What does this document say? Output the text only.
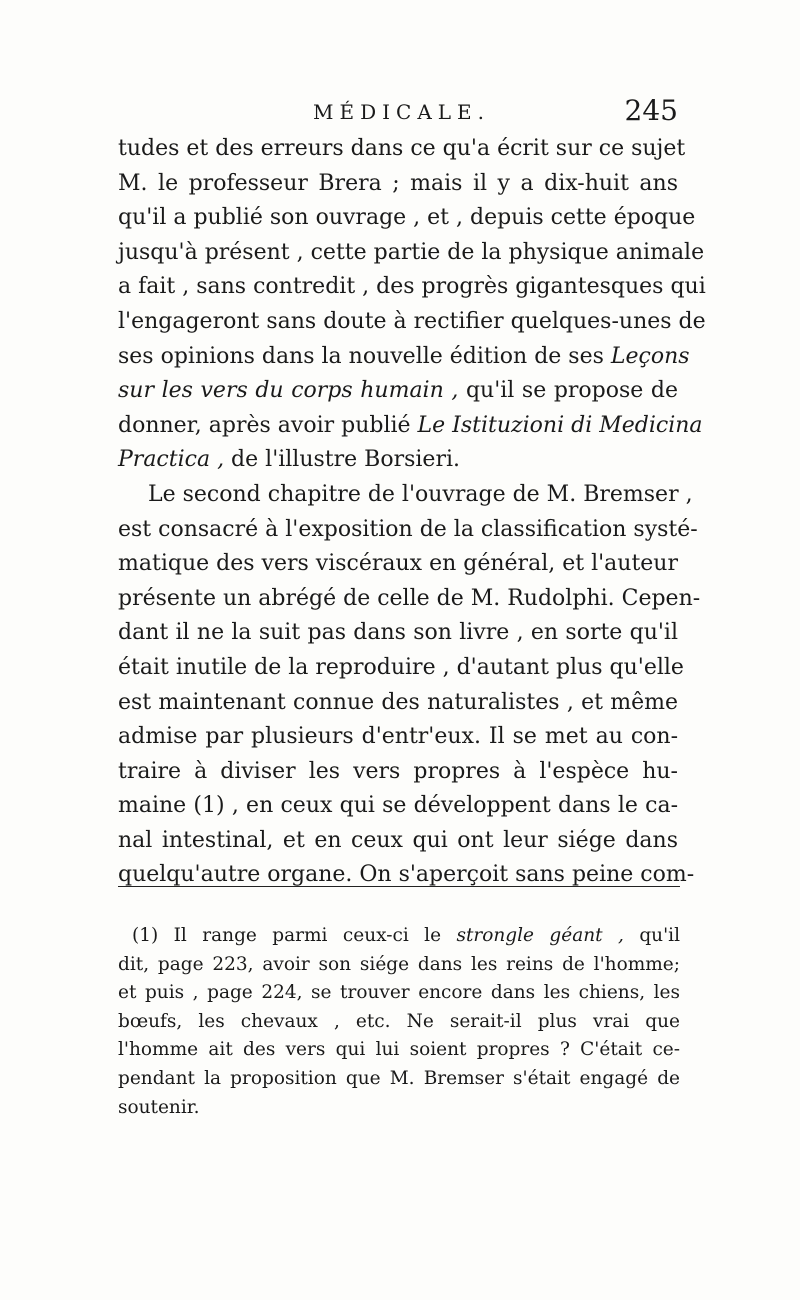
MÉDICALE.	245
tudes et des erreurs dans ce qu'a écrit sur ce sujet
M. le professeur Brera ; mais il y a dix-huit ans
qu'il a publié son ouvrage , et , depuis cette époque
jusqu'à présent , cette partie de la physique animale
a fait , sans contredit , des progrès gigantesques qui
l'engageront sans doute à rectifier quelques-unes de
ses opinions dans la nouvelle édition de ses Leçons
sur les vers du corps humain , qu'il se propose de
donner, après avoir publié Le Istituzioni di Medicina
Practica , de l'illustre Borsieri.
Le second chapitre de l'ouvrage de M. Bremser ,
est consacré à l'exposition de la classification systé-
matique des vers viscéraux en général, et l'auteur
présente un abrégé de celle de M. Rudolphi. Cepen-
dant il ne la suit pas dans son livre , en sorte qu'il
était inutile de la reproduire , d'autant plus qu'elle
est maintenant connue des naturalistes , et même
admise par plusieurs d'entr'eux. Il se met au con-
traire à diviser les vers propres à l'espèce hu-
maine (1) , en ceux qui se développent dans le ca-
nal intestinal, et en ceux qui ont leur siége dans
quelqu'autre organe. On s'aperçoit sans peine com-
(1) Il range parmi ceux-ci le strongle géant , qu'il
dit, page 223, avoir son siége dans les reins de l'homme;
et puis , page 224, se trouver encore dans les chiens, les
bœufs, les chevaux , etc. Ne serait-il plus vrai que
l'homme ait des vers qui lui soient propres ? C'était ce-
pendant la proposition que M. Bremser s'était engagé de
soutenir.
